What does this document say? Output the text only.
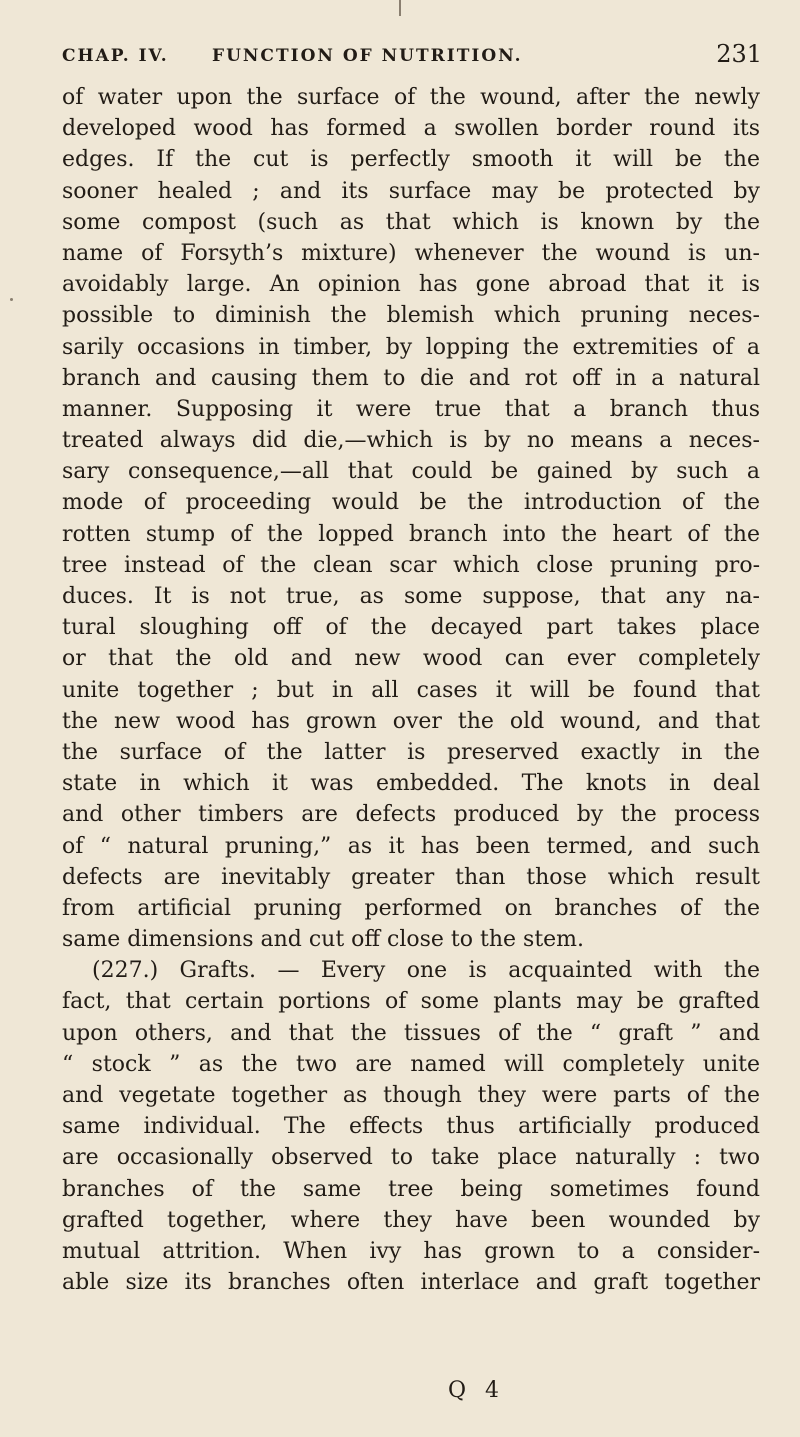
CHAP. IV.	FUNCTION OF NUTRITION.	231
of water upon the surface of the wound, after the newly
developed wood has formed a swollen border round its
edges. If the cut is perfectly smooth it will be the
sooner healed ; and its surface may be protected by
some compost (such as that which is known by the
name of Forsyth’s mixture) whenever the wound is un-
avoidably large. An opinion has gone abroad that it is
possible to diminish the blemish which pruning neces-
sarily occasions in timber, by lopping the extremities of a
branch and causing them to die and rot off in a natural
manner. Supposing it were true that a branch thus
treated always did die,—which is by no means a neces-
sary consequence,—all that could be gained by such a
mode of proceeding would be the introduction of the
rotten stump of the lopped branch into the heart of the
tree instead of the clean scar which close pruning pro-
duces. It is not true, as some suppose, that any na-
tural sloughing off of the decayed part takes place
or that the old and new wood can ever completely
unite together ; but in all cases it will be found that
the new wood has grown over the old wound, and that
the surface of the latter is preserved exactly in the
state in which it was embedded. The knots in deal
and other timbers are defects produced by the process
of “ natural pruning,” as it has been termed, and such
defects are inevitably greater than those which result
from artificial pruning performed on branches of the
same dimensions and cut off close to the stem.
(227.) Grafts. — Every one is acquainted with the
fact, that certain portions of some plants may be grafted
upon others, and that the tissues of the “ graft ” and
“ stock ” as the two are named will completely unite
and vegetate together as though they were parts of the
same individual. The effects thus artificially produced
are occasionally observed to take place naturally : two
branches of the same tree being sometimes found
grafted together, where they have been wounded by
mutual attrition. When ivy has grown to a consider-
able size its branches often interlace and graft together
Q 4
